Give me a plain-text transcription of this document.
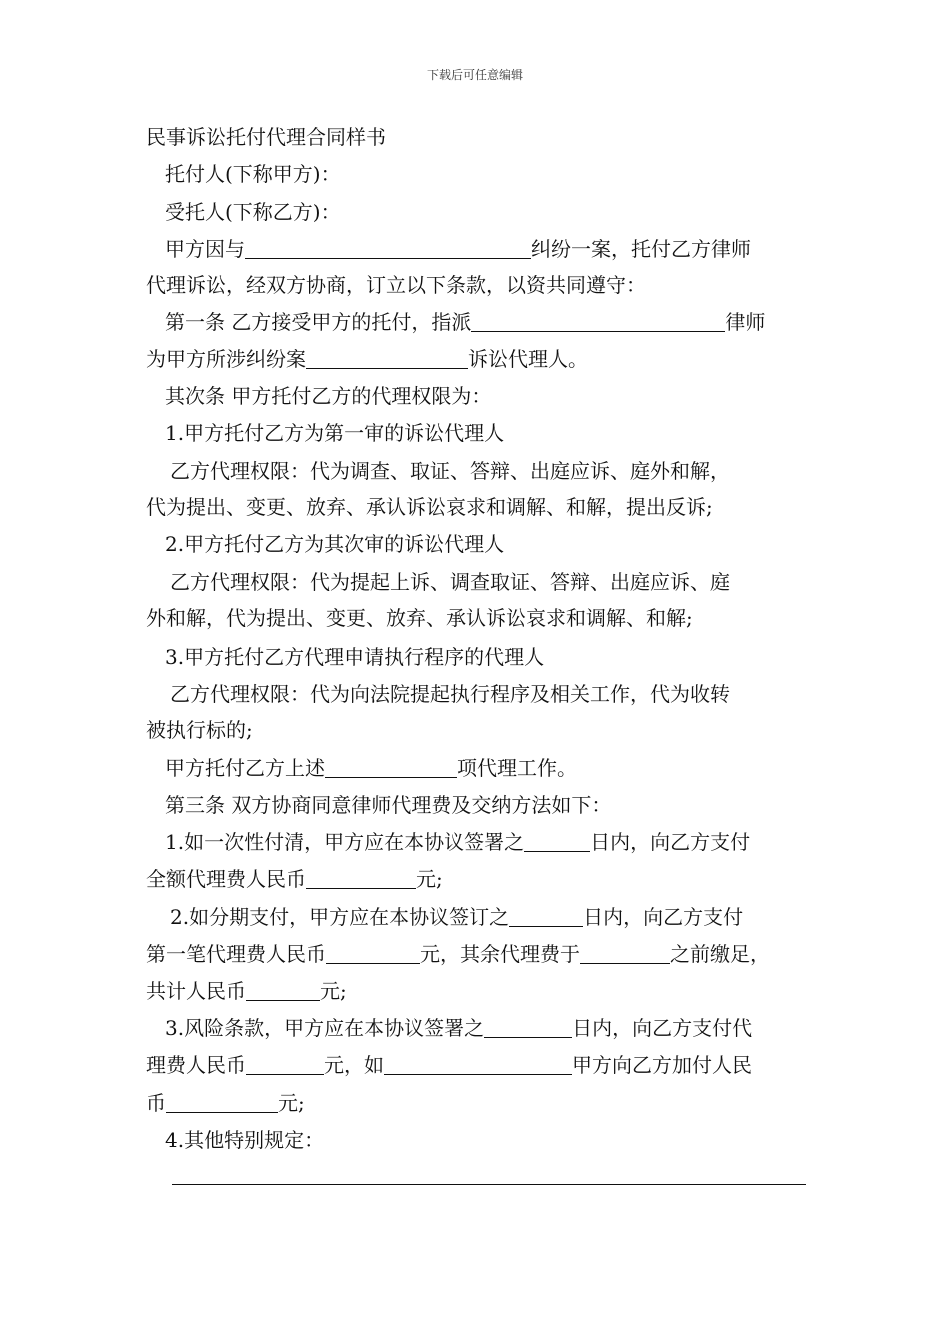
下载后可任意编辑
民事诉讼托付代理合同样书
托付人(下称甲方)：
受托人(下称乙方)：
甲方因与	纠纷一案，托付乙方律师
代理诉讼，经双方协商，订立以下条款，以资共同遵守：
第一条 乙方接受甲方的托付，指派	律师
为甲方所涉纠纷案	诉讼代理人。
其次条 甲方托付乙方的代理权限为：
1.甲方托付乙方为第一审的诉讼代理人
乙方代理权限：代为调查、取证、答辩、出庭应诉、庭外和解，
代为提出、变更、放弃、承认诉讼哀求和调解、和解，提出反诉;
2.甲方托付乙方为其次审的诉讼代理人
乙方代理权限：代为提起上诉、调查取证、答辩、出庭应诉、庭
外和解，代为提出、变更、放弃、承认诉讼哀求和调解、和解;
3.甲方托付乙方代理申请执行程序的代理人
乙方代理权限：代为向法院提起执行程序及相关工作，代为收转
被执行标的;
甲方托付乙方上述	项代理工作。
第三条 双方协商同意律师代理费及交纳方法如下：
1.如一次性付清，甲方应在本协议签署之	日内，向乙方支付
全额代理费人民币	元;
2.如分期支付，甲方应在本协议签订之	日内，向乙方支付
第一笔代理费人民币	元，其余代理费于	之前缴足，
共计人民币	元;
3.风险条款，甲方应在本协议签署之	日内，向乙方支付代
理费人民币	元，如	甲方向乙方加付人民
币	元;
4.其他特别规定：
